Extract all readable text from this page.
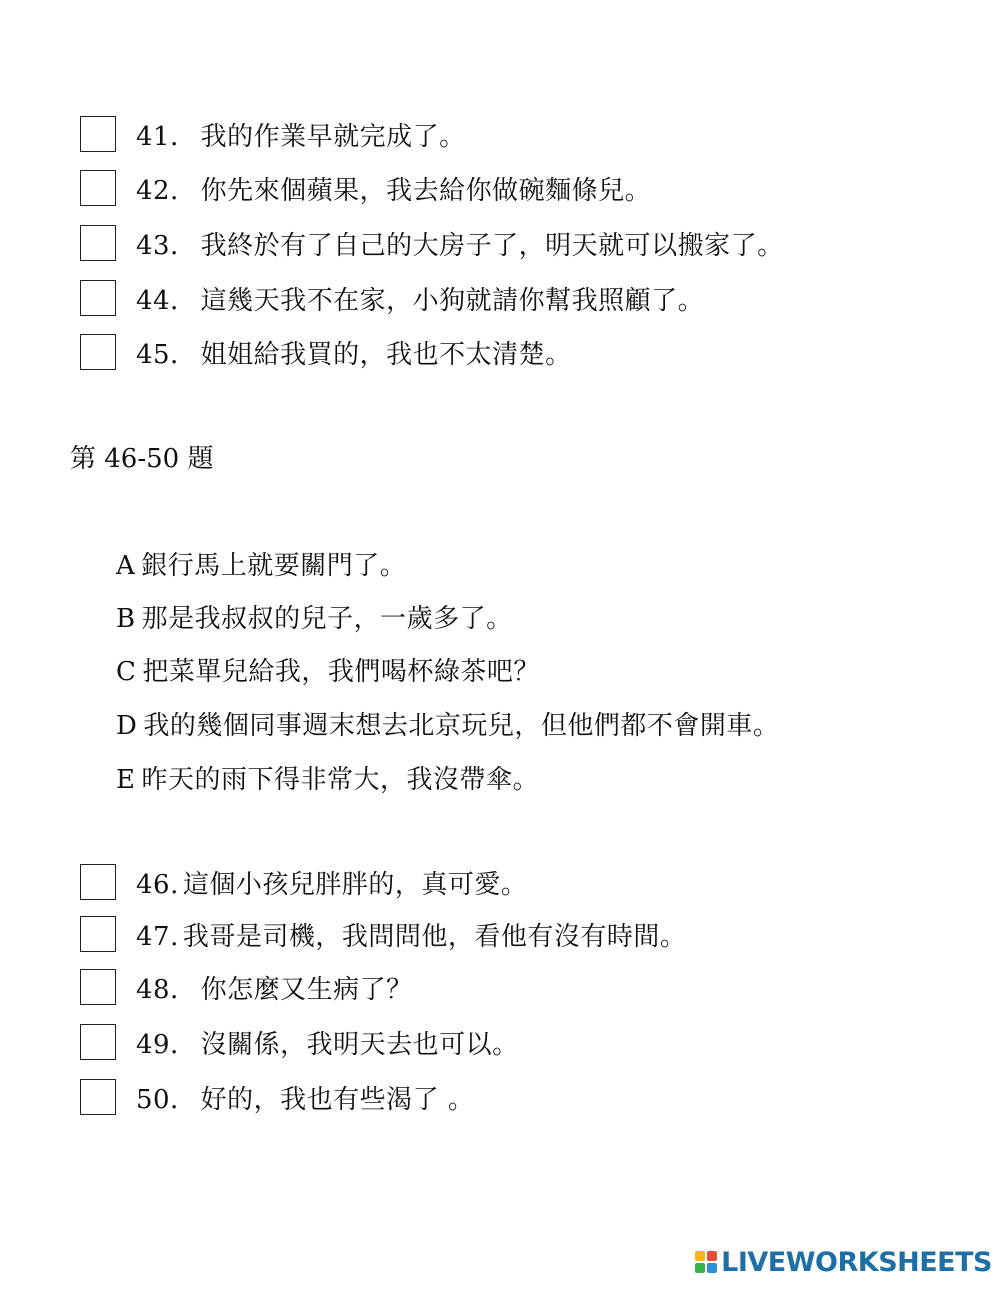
41． 我的作業早就完成了。
42． 你先來個蘋果，我去給你做碗麵條兒。
43． 我終於有了自己的大房子了，明天就可以搬家了。
44． 這幾天我不在家，小狗就請你幫我照顧了。
45． 姐姐給我買的，我也不太清楚。
第 46-50 題
A 銀行馬上就要關門了。
B 那是我叔叔的兒子，一歲多了。
C 把菜單兒給我，我們喝杯綠茶吧？
D 我的幾個同事週末想去北京玩兒，但他們都不會開車。
E 昨天的雨下得非常大，我沒帶傘。
46. 這個小孩兒胖胖的，真可愛。
47. 我哥是司機，我問問他，看他有沒有時間。
48． 你怎麼又生病了？
49． 沒關係，我明天去也可以。
50． 好的，我也有些渴了 。
LIVEWORKSHEETS
